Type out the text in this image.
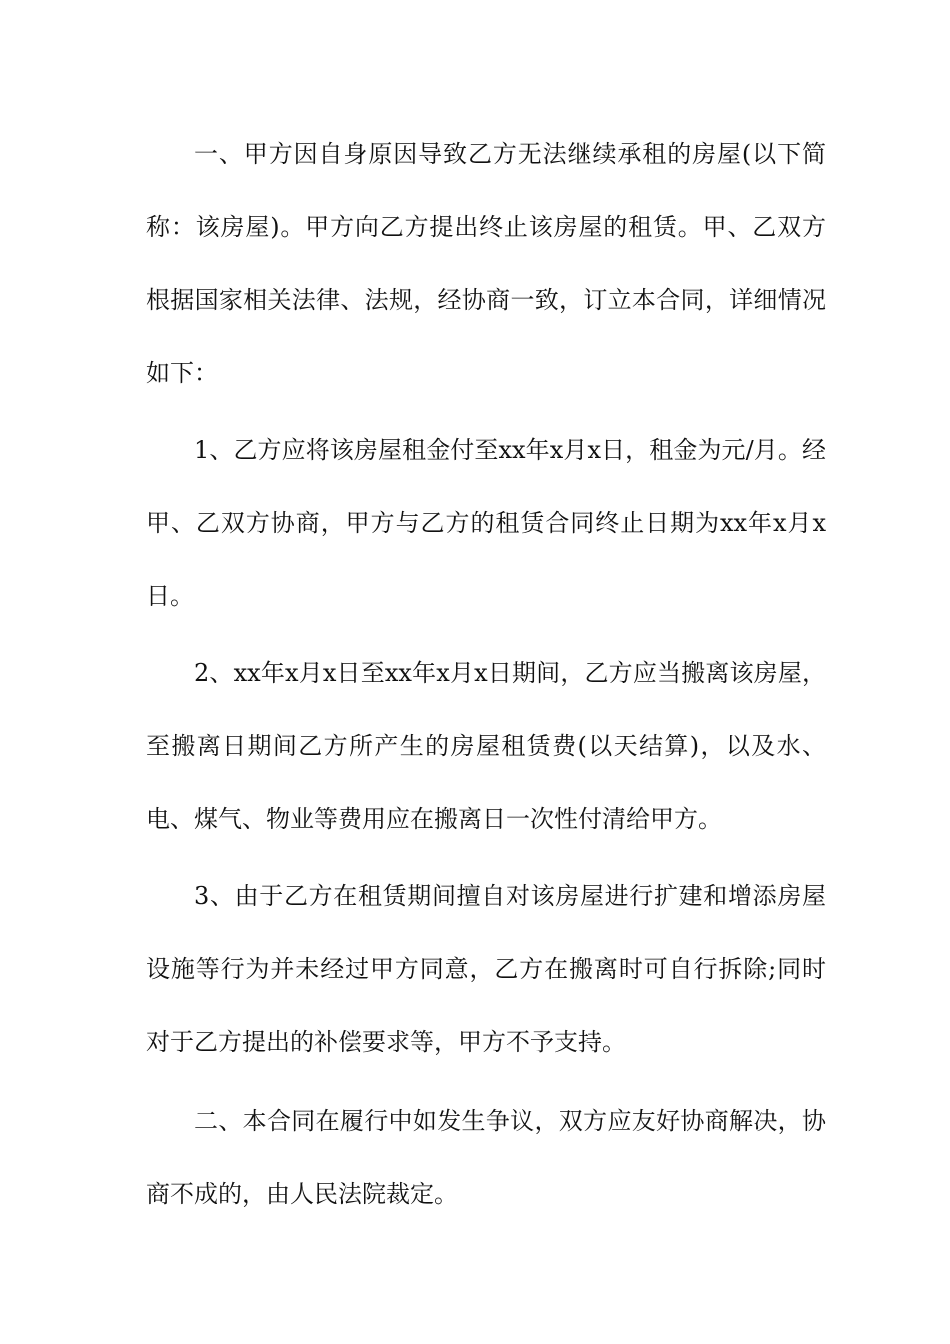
一、甲方因自身原因导致乙方无法继续承租的房屋(以下简称：该房屋)。甲方向乙方提出终止该房屋的租赁。甲、乙双方根据国家相关法律、法规，经协商一致，订立本合同，详细情况如下：

1、乙方应将该房屋租金付至xx年x月x日，租金为元/月。经甲、乙双方协商，甲方与乙方的租赁合同终止日期为xx年x月x日。

2、xx年x月x日至xx年x月x日期间，乙方应当搬离该房屋，至搬离日期间乙方所产生的房屋租赁费(以天结算)，以及水、电、煤气、物业等费用应在搬离日一次性付清给甲方。

3、由于乙方在租赁期间擅自对该房屋进行扩建和增添房屋设施等行为并未经过甲方同意，乙方在搬离时可自行拆除;同时对于乙方提出的补偿要求等，甲方不予支持。

二、本合同在履行中如发生争议，双方应友好协商解决，协商不成的，由人民法院裁定。
